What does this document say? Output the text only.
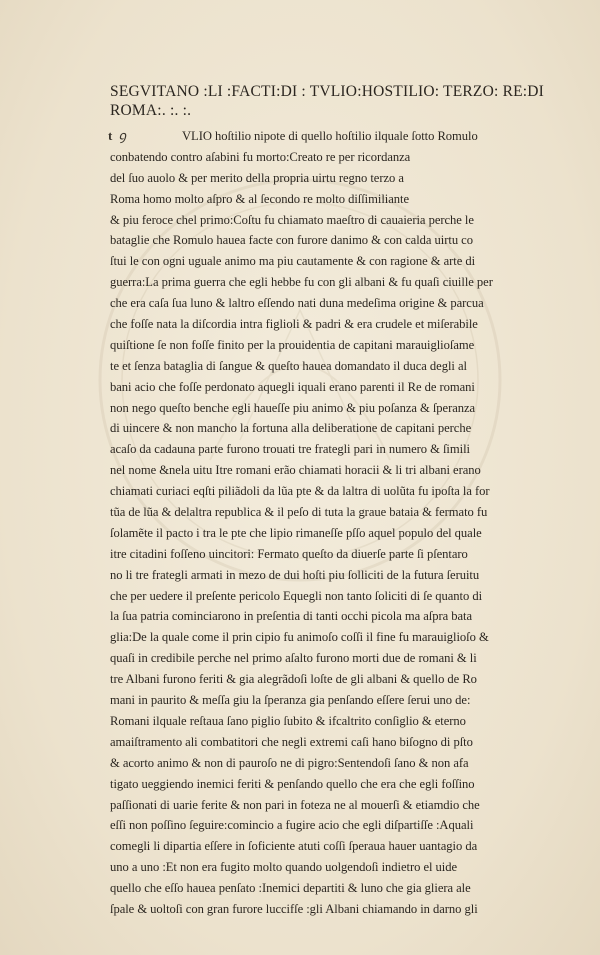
SEGVITANO :LI :FACTI:DI : TVLIO:HOSTILIO: TERZO: RE:DI
ROMA:. :. :.
t ꝯ	VLIO hoſtilio nipote di quello hoſtilio ilquale ſotto Romulo
conbatendo contro aſabini fu morto:Creato re per ricordanza
del ſuo auolo & per merito della propria uirtu regno terzo a
Roma homo molto aſpro & al ſecondo re molto diſſimiliante
& piu feroce chel primo:Coſtu fu chiamato maeſtro di cauaieria perche le
bataglie che Romulo hauea facte con furore danimo & con calda uirtu co
ſtui le con ogni uguale animo ma piu cautamente & con ragione & arte di
guerra:La prima guerra che egli hebbe fu con gli albani & fu quaſi ciuille per
che era caſa ſua luno & laltro eſſendo nati duna medeſima origine & parcua
che foſſe nata la diſcordia intra figlioli & padri & era crudele et miſerabile
quiſtione ſe non foſſe finito per la prouidentia de capitani marauiglioſame
te et ſenza bataglia di ſangue & queſto hauea domandato il duca degli al
bani acio che foſſe perdonato aquegli iquali erano parenti il Re de romani
non nego queſto benche egli haueſſe piu animo & piu poſanza & ſperanza
di uincere & non mancho la fortuna alla deliberatione de capitani perche
acaſo da cadauna parte furono trouati tre frategli pari in numero & ſimili
nel nome &nela uitu Itre romani erão chiamati horacii & li tri albani erano
chiamati curiaci eqſti piliãdoli da lũa pte & da laltra di uolũta fu ipoſta la for
tũa de lũa & delaltra republica & il peſo di tuta la graue bataia & fermato fu
ſolamẽte il pacto i tra le pte che lipio rimaneſſe pſſo aquel populo del quale
itre citadini foſſeno uincitori: Fermato queſto da diuerſe parte ſi pſentaro
no li tre frategli armati in mezo de dui hoſti piu ſolliciti de la futura ſeruitu
che per uedere il preſente pericolo Equegli non tanto ſoliciti di ſe quanto di
la ſua patria cominciarono in preſentia di tanti occhi picola ma aſpra bata
glia:De la quale come il prin cipio fu animoſo coſſi il fine fu marauiglioſo &
quaſi in credibile perche nel primo aſalto furono morti due de romani & li
tre Albani furono feriti & gia alegrãdoſi loſte de gli albani & quello de Ro
mani in paurito & meſſa giu la ſperanza gia penſando eſſere ſerui uno de:
Romani ilquale reſtaua ſano piglio ſubito & ifcaltrito conſiglio & eterno
amaiſtramento ali combatitori che negli extremi caſi hano biſogno di pſto
& acorto animo & non di pauroſo ne di pigro:Sentendoſi ſano & non afa
tigato ueggiendo inemici feriti & penſando quello che era che egli foſſino
paſſionati di uarie ferite & non pari in foteza ne al mouerſi & etiamdio che
eſſi non poſſino ſeguire:comincio a fugire acio che egli diſpartiſſe :Aquali
comegli li dipartia eſſere in ſoficiente atuti coſſi ſperaua hauer uantagio da
uno a uno :Et non era fugito molto quando uolgendoſi indietro el uide
quello che eſſo hauea penſato :Inemici departiti & luno che gia gliera ale
ſpale & uoltoſi con gran furore luccifſe :gli Albani chiamando in darno gli
